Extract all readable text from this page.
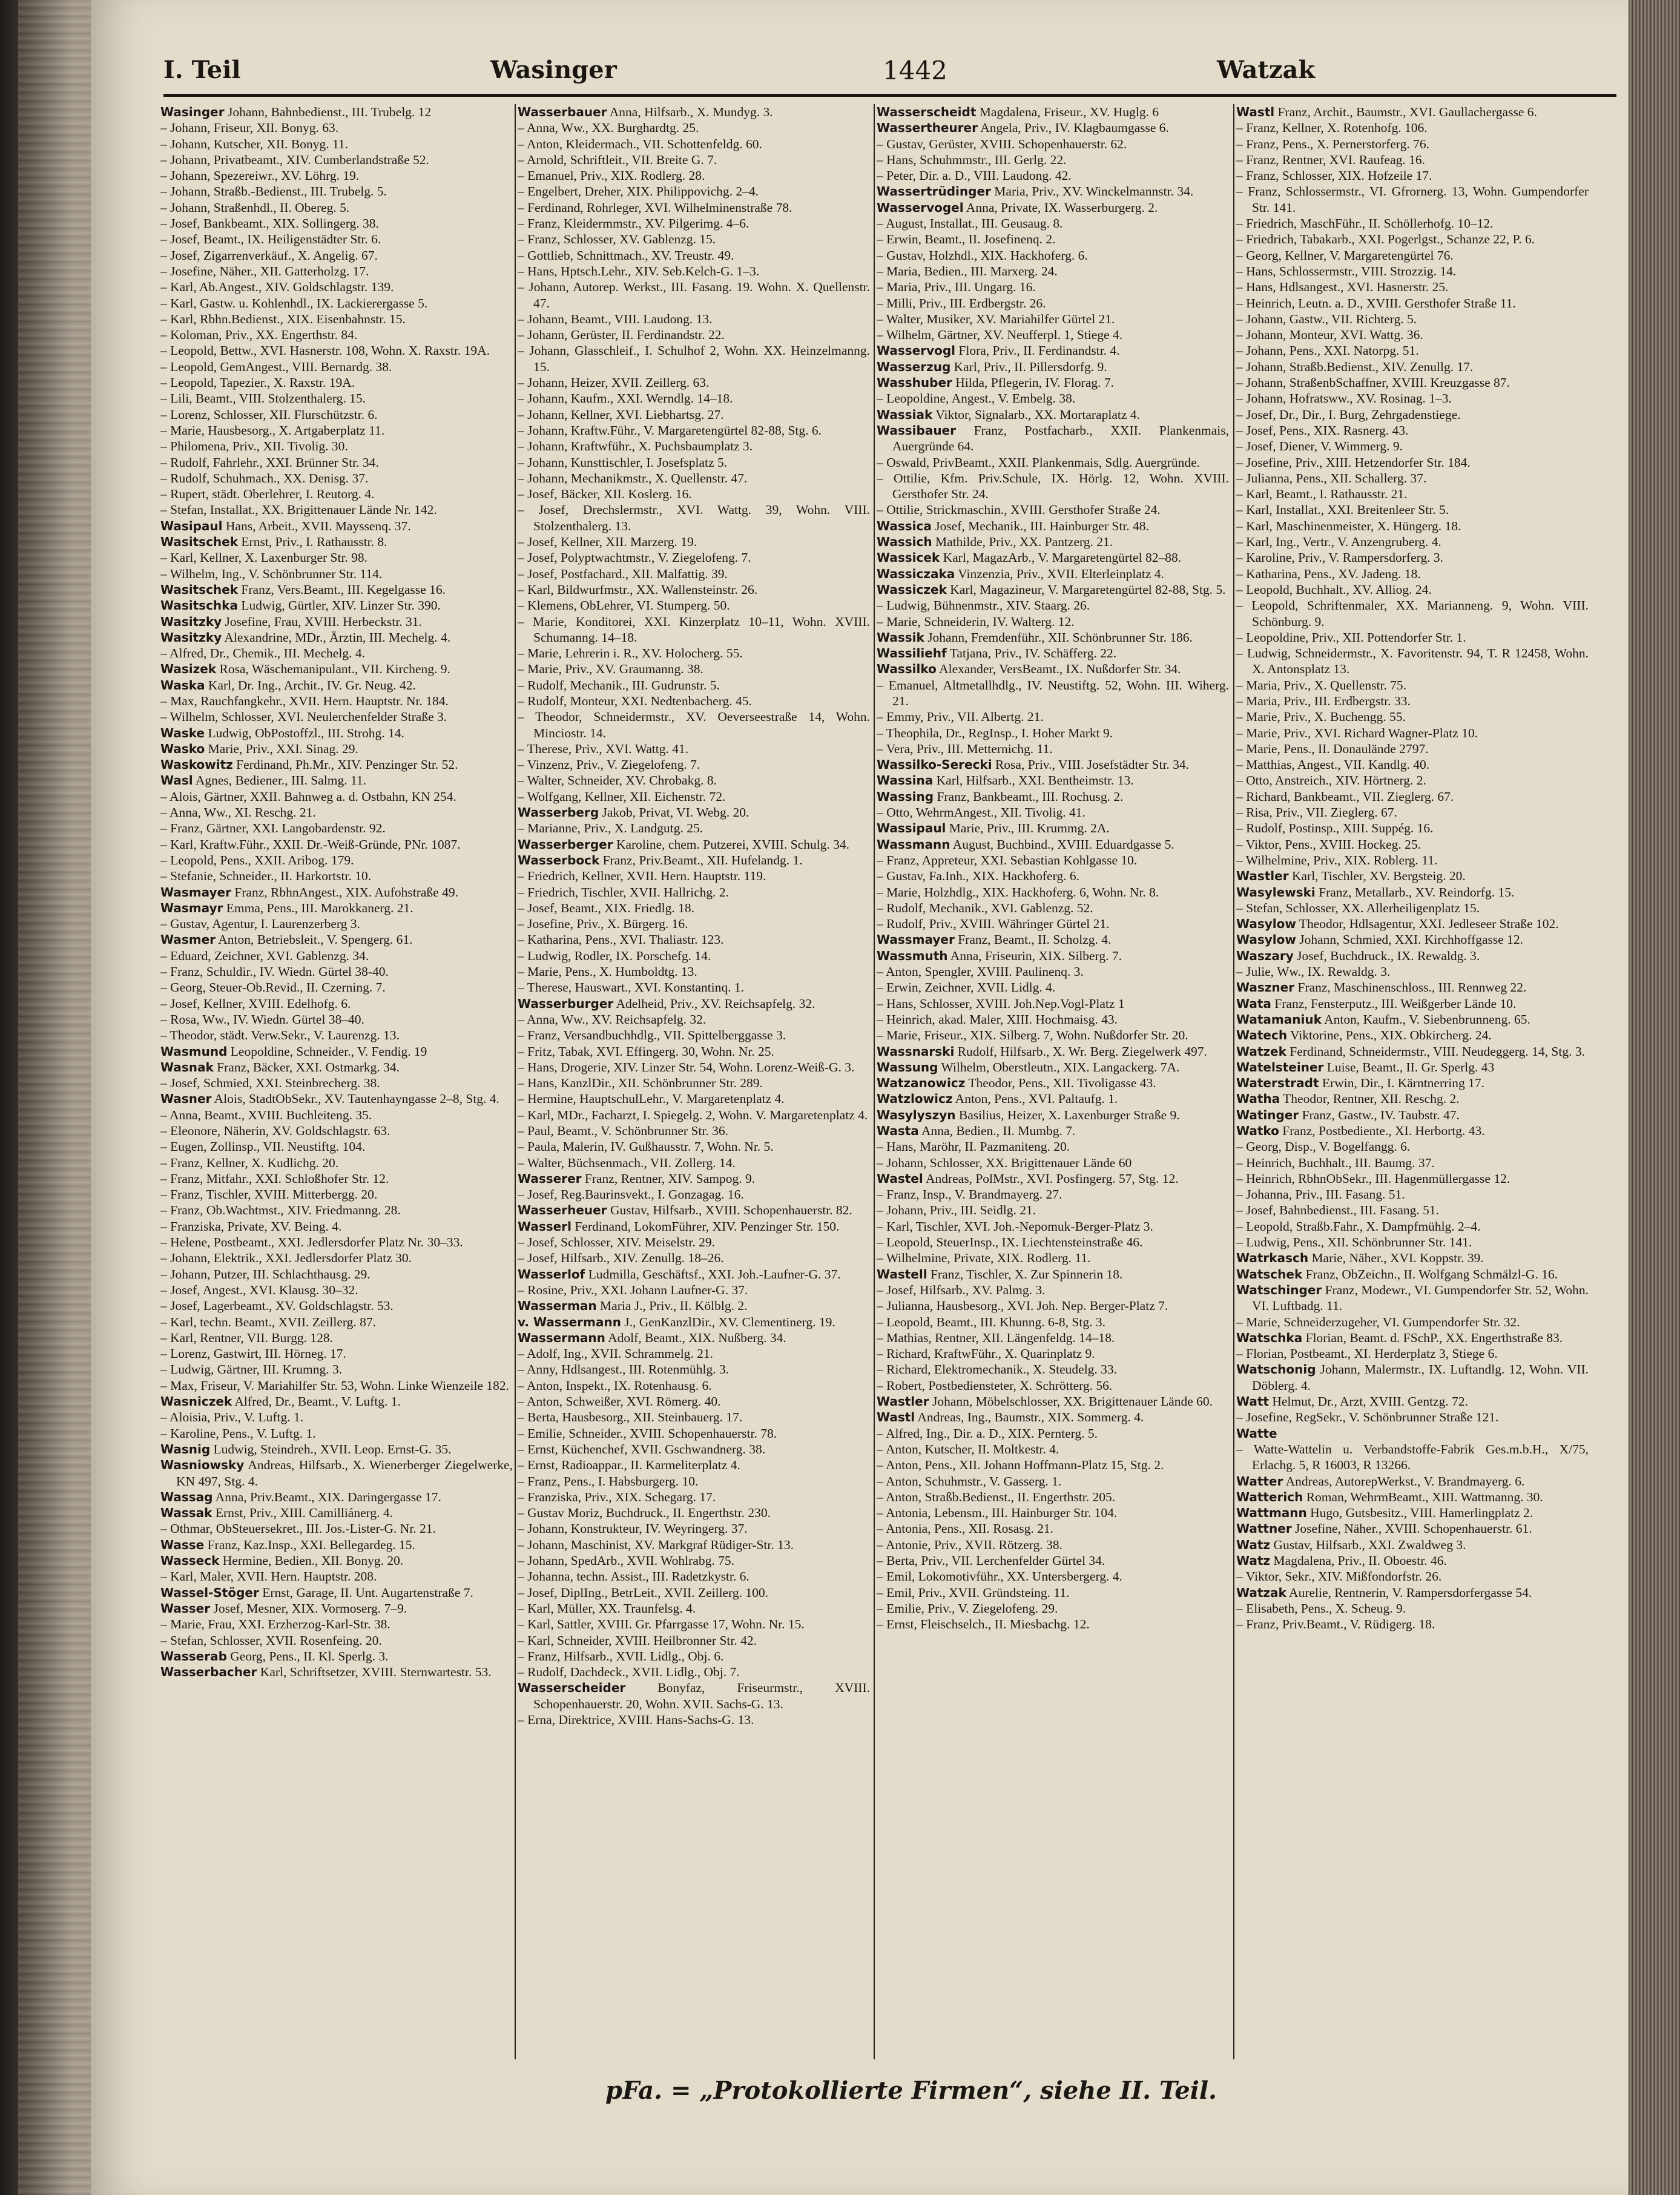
I. Teil	Wasinger	1442	Watzak

Wasinger Johann, Bahnbedienst., III. Trubelg. 12

– Johann, Friseur, XII. Bonyg. 63.

– Johann, Kutscher, XII. Bonyg. 11.

– Johann, Privatbeamt., XIV. Cumberlandstraße 52.

– Johann, Spezereiwr., XV. Löhrg. 19.

– Johann, Straßb.-Bedienst., III. Trubelg. 5.

– Johann, Straßenhdl., II. Obereg. 5.

– Josef, Bankbeamt., XIX. Sollingerg. 38.

– Josef, Beamt., IX. Heiligenstädter Str. 6.

– Josef, Zigarrenverkäuf., X. Angelig. 67.

– Josefine, Näher., XII. Gatterholzg. 17.

– Karl, Ab.Angest., XIV. Goldschlagstr. 139.

– Karl, Gastw. u. Kohlenhdl., IX. Lackierergasse 5.

– Karl, Rbhn.Bedienst., XIX. Eisenbahnstr. 15.

– Koloman, Priv., XX. Engerthstr. 84.

– Leopold, Bettw., XVI. Hasnerstr. 108, Wohn. X. Raxstr. 19A.

– Leopold, GemAngest., VIII. Bernardg. 38.

– Leopold, Tapezier., X. Raxstr. 19A.

– Lili, Beamt., VIII. Stolzenthalerg. 15.

– Lorenz, Schlosser, XII. Flurschützstr. 6.

– Marie, Hausbesorg., X. Artgaberplatz 11.

– Philomena, Priv., XII. Tivolig. 30.

– Rudolf, Fahrlehr., XXI. Brünner Str. 34.

– Rudolf, Schuhmach., XX. Denisg. 37.

– Rupert, städt. Oberlehrer, I. Reutorg. 4.

– Stefan, Installat., XX. Brigittenauer Lände Nr. 142.

Wasipaul Hans, Arbeit., XVII. Mayssenq. 37.

Wasitschek Ernst, Priv., I. Rathausstr. 8.

– Karl, Kellner, X. Laxenburger Str. 98.

– Wilhelm, Ing., V. Schönbrunner Str. 114.

Wasitschek Franz, Vers.Beamt., III. Kegelgasse 16.

Wasitschka Ludwig, Gürtler, XIV. Linzer Str. 390.

Wasitzky Josefine, Frau, XVIII. Herbeckstr. 31.

Wasitzky Alexandrine, MDr., Ärztin, III. Mechelg. 4.

– Alfred, Dr., Chemik., III. Mechelg. 4.

Wasizek Rosa, Wäschemanipulant., VII. Kircheng. 9.

Waska Karl, Dr. Ing., Archit., IV. Gr. Neug. 42.

– Max, Rauchfangkehr., XVII. Hern. Hauptstr. Nr. 184.

– Wilhelm, Schlosser, XVI. Neulerchenfelder Straße 3.

Waske Ludwig, ObPostoffzl., III. Strohg. 14.

Wasko Marie, Priv., XXI. Sinag. 29.

Waskowitz Ferdinand, Ph.Mr., XIV. Penzinger Str. 52.

Wasl Agnes, Bediener., III. Salmg. 11.

– Alois, Gärtner, XXII. Bahnweg a. d. Ostbahn, KN 254.

– Anna, Ww., XI. Reschg. 21.

– Franz, Gärtner, XXI. Langobardenstr. 92.

– Karl, Kraftw.Führ., XXII. Dr.-Weiß-Gründe, PNr. 1087.

– Leopold, Pens., XXII. Aribog. 179.

– Stefanie, Schneider., II. Harkortstr. 10.

Wasmayer Franz, RbhnAngest., XIX. Aufohstraße 49.

Wasmayr Emma, Pens., III. Marokkanerg. 21.

– Gustav, Agentur, I. Laurenzerberg 3.

Wasmer Anton, Betriebsleit., V. Spengerg. 61.

– Eduard, Zeichner, XVI. Gablenzg. 34.

– Franz, Schuldir., IV. Wiedn. Gürtel 38-40.

– Georg, Steuer-Ob.Revid., II. Czerning. 7.

– Josef, Kellner, XVIII. Edelhofg. 6.

– Rosa, Ww., IV. Wiedn. Gürtel 38–40.

– Theodor, städt. Verw.Sekr., V. Laurenzg. 13.

Wasmund Leopoldine, Schneider., V. Fendig. 19

Wasnak Franz, Bäcker, XXI. Ostmarkg. 34.

– Josef, Schmied, XXI. Steinbrecherg. 38.

Wasner Alois, StadtObSekr., XV. Tautenhayngasse 2–8, Stg. 4.

– Anna, Beamt., XVIII. Buchleiteng. 35.

– Eleonore, Näherin, XV. Goldschlagstr. 63.

– Eugen, Zollinsp., VII. Neustiftg. 104.

– Franz, Kellner, X. Kudlichg. 20.

– Franz, Mitfahr., XXI. Schloßhofer Str. 12.

– Franz, Tischler, XVIII. Mitterbergg. 20.

– Franz, Ob.Wachtmst., XIV. Friedmanng. 28.

– Franziska, Private, XV. Being. 4.

– Helene, Postbeamt., XXI. Jedlersdorfer Platz Nr. 30–33.

– Johann, Elektrik., XXI. Jedlersdorfer Platz 30.

– Johann, Putzer, III. Schlachthausg. 29.

– Josef, Angest., XVI. Klausg. 30–32.

– Josef, Lagerbeamt., XV. Goldschlagstr. 53.

– Karl, techn. Beamt., XVII. Zeillerg. 87.

– Karl, Rentner, VII. Burgg. 128.

– Lorenz, Gastwirt, III. Hörneg. 17.

– Ludwig, Gärtner, III. Krumng. 3.

– Max, Friseur, V. Mariahilfer Str. 53, Wohn. Linke Wienzeile 182.

Wasniczek Alfred, Dr., Beamt., V. Luftg. 1.

– Aloisia, Priv., V. Luftg. 1.

– Karoline, Pens., V. Luftg. 1.

Wasnig Ludwig, Steindreh., XVII. Leop. Ernst-G. 35.

Wasniowsky Andreas, Hilfsarb., X. Wienerberger Ziegelwerke, KN 497, Stg. 4.

Wassag Anna, Priv.Beamt., XIX. Daringergasse 17.

Wassak Ernst, Priv., XIII. Camilliánerg. 4.

– Othmar, ObSteuersekret., III. Jos.-Lister-G. Nr. 21.

Wasse Franz, Kaz.Insp., XXI. Bellegardeg. 15.

Wasseck Hermine, Bedien., XII. Bonyg. 20.

– Karl, Maler, XVII. Hern. Hauptstr. 208.

Wassel-Stöger Ernst, Garage, II. Unt. Augartenstraße 7.

Wasser Josef, Mesner, XIX. Vormoserg. 7–9.

– Marie, Frau, XXI. Erzherzog-Karl-Str. 38.

– Stefan, Schlosser, XVII. Rosenfeing. 20.

Wasserab Georg, Pens., II. Kl. Sperlg. 3.

Wasserbacher Karl, Schriftsetzer, XVIII. Sternwartestr. 53.

Wasserbauer Anna, Hilfsarb., X. Mundyg. 3.

– Anna, Ww., XX. Burghardtg. 25.

– Anton, Kleidermach., VII. Schottenfeldg. 60.

– Arnold, Schriftleit., VII. Breite G. 7.

– Emanuel, Priv., XIX. Rodlerg. 28.

– Engelbert, Dreher, XIX. Philippovichg. 2–4.

– Ferdinand, Rohrleger, XVI. Wilhelminenstraße 78.

– Franz, Kleidermmstr., XV. Pilgerimg. 4–6.

– Franz, Schlosser, XV. Gablenzg. 15.

– Gottlieb, Schnittmach., XV. Treustr. 49.

– Hans, Hptsch.Lehr., XIV. Seb.Kelch-G. 1–3.

– Johann, Autorep. Werkst., III. Fasang. 19. Wohn. X. Quellenstr. 47.

– Johann, Beamt., VIII. Laudong. 13.

– Johann, Gerüster, II. Ferdinandstr. 22.

– Johann, Glasschleif., I. Schulhof 2, Wohn. XX. Heinzelmanng. 15.

– Johann, Heizer, XVII. Zeillerg. 63.

– Johann, Kaufm., XXI. Werndlg. 14–18.

– Johann, Kellner, XVI. Liebhartsg. 27.

– Johann, Kraftw.Führ., V. Margaretengürtel 82-88, Stg. 6.

– Johann, Kraftwführ., X. Puchsbaumplatz 3.

– Johann, Kunsttischler, I. Josefsplatz 5.

– Johann, Mechanikmstr., X. Quellenstr. 47.

– Josef, Bäcker, XII. Koslerg. 16.

– Josef, Drechslermstr., XVI. Wattg. 39, Wohn. VIII. Stolzenthalerg. 13.

– Josef, Kellner, XII. Marzerg. 19.

– Josef, Polyptwachtmstr., V. Ziegelofeng. 7.

– Josef, Postfachard., XII. Malfattig. 39.

– Karl, Bildwurfmstr., XX. Wallensteinstr. 26.

– Klemens, ObLehrer, VI. Stumperg. 50.

– Marie, Konditorei, XXI. Kinzerplatz 10–11, Wohn. XVIII. Schumanng. 14–18.

– Marie, Lehrerin i. R., XV. Holocherg. 55.

– Marie, Priv., XV. Graumanng. 38.

– Rudolf, Mechanik., III. Gudrunstr. 5.

– Rudolf, Monteur, XXI. Nedtenbacherg. 45.

– Theodor, Schneidermstr., XV. Oeverseestraße 14, Wohn. Minciostr. 14.

– Therese, Priv., XVI. Wattg. 41.

– Vinzenz, Priv., V. Ziegelofeng. 7.

– Walter, Schneider, XV. Chrobakg. 8.

– Wolfgang, Kellner, XII. Eichenstr. 72.

Wasserberg Jakob, Privat, VI. Webg. 20.

– Marianne, Priv., X. Landgutg. 25.

Wasserberger Karoline, chem. Putzerei, XVIII. Schulg. 34.

Wasserbock Franz, Priv.Beamt., XII. Hufelandg. 1.

– Friedrich, Kellner, XVII. Hern. Hauptstr. 119.

– Friedrich, Tischler, XVII. Hallrichg. 2.

– Josef, Beamt., XIX. Friedlg. 18.

– Josefine, Priv., X. Bürgerg. 16.

– Katharina, Pens., XVI. Thaliastr. 123.

– Ludwig, Rodler, IX. Porschefg. 14.

– Marie, Pens., X. Humboldtg. 13.

– Therese, Hauswart., XVI. Konstantinq. 1.

Wasserburger Adelheid, Priv., XV. Reichsapfelg. 32.

– Anna, Ww., XV. Reichsapfelg. 32.

– Franz, Versandbuchhdlg., VII. Spittelberggasse 3.

– Fritz, Tabak, XVI. Effingerg. 30, Wohn. Nr. 25.

– Hans, Drogerie, XIV. Linzer Str. 54, Wohn. Lorenz-Weiß-G. 3.

– Hans, KanzlDir., XII. Schönbrunner Str. 289.

– Hermine, HauptschulLehr., V. Margaretenplatz 4.

– Karl, MDr., Facharzt, I. Spiegelg. 2, Wohn. V. Margaretenplatz 4.

– Paul, Beamt., V. Schönbrunner Str. 36.

– Paula, Malerin, IV. Gußhausstr. 7, Wohn. Nr. 5.

– Walter, Büchsenmach., VII. Zollerg. 14.

Wasserer Franz, Rentner, XIV. Sampog. 9.

– Josef, Reg.Baurinsvekt., I. Gonzagag. 16.

Wasserheuer Gustav, Hilfsarb., XVIII. Schopenhauerstr. 82.

Wasserl Ferdinand, LokomFührer, XIV. Penzinger Str. 150.

– Josef, Schlosser, XIV. Meiselstr. 29.

– Josef, Hilfsarb., XIV. Zenullg. 18–26.

Wasserlof Ludmilla, Geschäftsf., XXI. Joh.-Laufner-G. 37.

– Rosine, Priv., XXI. Johann Laufner-G. 37.

Wasserman Maria J., Priv., II. Kölblg. 2.

v. Wassermann J., GenKanzlDir., XV. Clementinerg. 19.

Wassermann Adolf, Beamt., XIX. Nußberg. 34.

– Adolf, Ing., XVII. Schrammelg. 21.

– Anny, Hdlsangest., III. Rotenmühlg. 3.

– Anton, Inspekt., IX. Rotenhausg. 6.

– Anton, Schweißer, XVI. Römerg. 40.

– Berta, Hausbesorg., XII. Steinbauerg. 17.

– Emilie, Schneider., XVIII. Schopenhauerstr. 78.

– Ernst, Küchenchef, XVII. Gschwandnerg. 38.

– Ernst, Radioappar., II. Karmeliterplatz 4.

– Franz, Pens., I. Habsburgerg. 10.

– Franziska, Priv., XIX. Schegarg. 17.

– Gustav Moriz, Buchdruck., II. Engerthstr. 230.

– Johann, Konstrukteur, IV. Weyringerg. 37.

– Johann, Maschinist, XV. Markgraf Rüdiger-Str. 13.

– Johann, SpedArb., XVII. Wohlrabg. 75.

– Johanna, techn. Assist., III. Radetzkystr. 6.

– Josef, DiplIng., BetrLeit., XVII. Zeillerg. 100.

– Karl, Müller, XX. Traunfelsg. 4.

– Karl, Sattler, XVIII. Gr. Pfarrgasse 17, Wohn. Nr. 15.

– Karl, Schneider, XVIII. Heilbronner Str. 42.

– Franz, Hilfsarb., XVII. Lidlg., Obj. 6.

– Rudolf, Dachdeck., XVII. Lidlg., Obj. 7.

Wasserscheider Bonyfaz, Friseurmstr., XVIII. Schopenhauerstr. 20, Wohn. XVII. Sachs-G. 13.

– Erna, Direktrice, XVIII. Hans-Sachs-G. 13.

Wasserscheidt Magdalena, Friseur., XV. Huglg. 6

Wassertheurer Angela, Priv., IV. Klagbaumgasse 6.

– Gustav, Gerüster, XVIII. Schopenhauerstr. 62.

– Hans, Schuhmmstr., III. Gerlg. 22.

– Peter, Dir. a. D., VIII. Laudong. 42.

Wassertrüdinger Maria, Priv., XV. Winckelmannstr. 34.

Wasservogel Anna, Private, IX. Wasserburgerg. 2.

– August, Installat., III. Geusaug. 8.

– Erwin, Beamt., II. Josefinenq. 2.

– Gustav, Holzhdl., XIX. Hackhoferg. 6.

– Maria, Bedien., III. Marxerg. 24.

– Maria, Priv., III. Ungarg. 16.

– Milli, Priv., III. Erdbergstr. 26.

– Walter, Musiker, XV. Mariahilfer Gürtel 21.

– Wilhelm, Gärtner, XV. Neufferpl. 1, Stiege 4.

Wasservogl Flora, Priv., II. Ferdinandstr. 4.

Wasserzug Karl, Priv., II. Pillersdorfg. 9.

Wasshuber Hilda, Pflegerin, IV. Florag. 7.

– Leopoldine, Angest., V. Embelg. 38.

Wassiak Viktor, Signalarb., XX. Mortaraplatz 4.

Wassibauer Franz, Postfacharb., XXII. Plankenmais, Auergründe 64.

– Oswald, PrivBeamt., XXII. Plankenmais, Sdlg. Auergründe.

– Ottilie, Kfm. Priv.Schule, IX. Hörlg. 12, Wohn. XVIII. Gersthofer Str. 24.

– Ottilie, Strickmaschin., XVIII. Gersthofer Straße 24.

Wassica Josef, Mechanik., III. Hainburger Str. 48.

Wassich Mathilde, Priv., XX. Pantzerg. 21.

Wassicek Karl, MagazArb., V. Margaretengürtel 82–88.

Wassiczaka Vinzenzia, Priv., XVII. Elterleinplatz 4.

Wassiczek Karl, Magazineur, V. Margaretengürtel 82-88, Stg. 5.

– Ludwig, Bühnenmstr., XIV. Staarg. 26.

– Marie, Schneiderin, IV. Walterg. 12.

Wassik Johann, Fremdenführ., XII. Schönbrunner Str. 186.

Wassiliehf Tatjana, Priv., IV. Schäfferg. 22.

Wassilko Alexander, VersBeamt., IX. Nußdorfer Str. 34.

– Emanuel, Altmetallhdlg., IV. Neustiftg. 52, Wohn. III. Wiherg. 21.

– Emmy, Priv., VII. Albertg. 21.

– Theophila, Dr., RegInsp., I. Hoher Markt 9.

– Vera, Priv., III. Metternichg. 11.

Wassilko-Serecki Rosa, Priv., VIII. Josefstädter Str. 34.

Wassina Karl, Hilfsarb., XXI. Bentheimstr. 13.

Wassing Franz, Bankbeamt., III. Rochusg. 2.

– Otto, WehrmAngest., XII. Tivolig. 41.

Wassipaul Marie, Priv., III. Krummg. 2A.

Wassmann August, Buchbind., XVIII. Eduardgasse 5.

– Franz, Appreteur, XXI. Sebastian Kohlgasse 10.

– Gustav, Fa.Inh., XIX. Hackhoferg. 6.

– Marie, Holzhdlg., XIX. Hackhoferg. 6, Wohn. Nr. 8.

– Rudolf, Mechanik., XVI. Gablenzg. 52.

– Rudolf, Priv., XVIII. Währinger Gürtel 21.

Wassmayer Franz, Beamt., II. Scholzg. 4.

Wassmuth Anna, Friseurin, XIX. Silberg. 7.

– Anton, Spengler, XVIII. Paulinenq. 3.

– Erwin, Zeichner, XVII. Lidlg. 4.

– Hans, Schlosser, XVIII. Joh.Nep.Vogl-Platz 1

– Heinrich, akad. Maler, XIII. Hochmaisg. 43.

– Marie, Friseur., XIX. Silberg. 7, Wohn. Nußdorfer Str. 20.

Wassnarski Rudolf, Hilfsarb., X. Wr. Berg. Ziegelwerk 497.

Wassung Wilhelm, Oberstleutn., XIX. Langackerg. 7A.

Watzanowicz Theodor, Pens., XII. Tivoligasse 43.

Watzlowicz Anton, Pens., XVI. Paltaufg. 1.

Wasylyszyn Basilius, Heizer, X. Laxenburger Straße 9.

Wasta Anna, Bedien., II. Mumbg. 7.

– Hans, Maröhr, II. Pazmaniteng. 20.

– Johann, Schlosser, XX. Brigittenauer Lände 60

Wastel Andreas, PolMstr., XVI. Posfingerg. 57, Stg. 12.

– Franz, Insp., V. Brandmayerg. 27.

– Johann, Priv., III. Seidlg. 21.

– Karl, Tischler, XVI. Joh.-Nepomuk-Berger-Platz 3.

– Leopold, SteuerInsp., IX. Liechtensteinstraße 46.

– Wilhelmine, Private, XIX. Rodlerg. 11.

Wastell Franz, Tischler, X. Zur Spinnerin 18.

– Josef, Hilfsarb., XV. Palmg. 3.

– Julianna, Hausbesorg., XVI. Joh. Nep. Berger-Platz 7.

– Leopold, Beamt., III. Khunng. 6-8, Stg. 3.

– Mathias, Rentner, XII. Längenfeldg. 14–18.

– Richard, KraftwFühr., X. Quarinplatz 9.

– Richard, Elektromechanik., X. Steudelg. 33.

– Robert, Postbediensteter, X. Schrötterg. 56.

Wastler Johann, Möbelschlosser, XX. Brigittenauer Lände 60.

Wastl Andreas, Ing., Baumstr., XIX. Sommerg. 4.

– Alfred, Ing., Dir. a. D., XIX. Pernterg. 5.

– Anton, Kutscher, II. Moltkestr. 4.

– Anton, Pens., XII. Johann Hoffmann-Platz 15, Stg. 2.

– Anton, Schuhmstr., V. Gasserg. 1.

– Anton, Straßb.Bedienst., II. Engerthstr. 205.

– Antonia, Lebensm., III. Hainburger Str. 104.

– Antonia, Pens., XII. Rosasg. 21.

– Antonie, Priv., XVII. Rötzerg. 38.

– Berta, Priv., VII. Lerchenfelder Gürtel 34.

– Emil, Lokomotivführ., XX. Untersbergerg. 4.

– Emil, Priv., XVII. Gründsteing. 11.

– Emilie, Priv., V. Ziegelofeng. 29.

– Ernst, Fleischselch., II. Miesbachg. 12.

Wastl Franz, Archit., Baumstr., XVI. Gaullachergasse 6.

– Franz, Kellner, X. Rotenhofg. 106.

– Franz, Pens., X. Pernerstorferg. 76.

– Franz, Rentner, XVI. Raufeag. 16.

– Franz, Schlosser, XIX. Hofzeile 17.

– Franz, Schlossermstr., VI. Gfrornerg. 13, Wohn. Gumpendorfer Str. 141.

– Friedrich, MaschFühr., II. Schöllerhofg. 10–12.

– Friedrich, Tabakarb., XXI. Pogerlgst., Schanze 22, P. 6.

– Georg, Kellner, V. Margaretengürtel 76.

– Hans, Schlossermstr., VIII. Strozzig. 14.

– Hans, Hdlsangest., XVI. Hasnerstr. 25.

– Heinrich, Leutn. a. D., XVIII. Gersthofer Straße 11.

– Johann, Gastw., VII. Richterg. 5.

– Johann, Monteur, XVI. Wattg. 36.

– Johann, Pens., XXI. Natorpg. 51.

– Johann, Straßb.Bedienst., XIV. Zenullg. 17.

– Johann, StraßenbSchaffner, XVIII. Kreuzgasse 87.

– Johann, Hofratsww., XV. Rosinag. 1–3.

– Josef, Dr., Dir., I. Burg, Zehrgadenstiege.

– Josef, Pens., XIX. Rasnerg. 43.

– Josef, Diener, V. Wimmerg. 9.

– Josefine, Priv., XIII. Hetzendorfer Str. 184.

– Julianna, Pens., XII. Schallerg. 37.

– Karl, Beamt., I. Rathausstr. 21.

– Karl, Installat., XXI. Breitenleer Str. 5.

– Karl, Maschinenmeister, X. Hüngerg. 18.

– Karl, Ing., Vertr., V. Anzengruberg. 4.

– Karoline, Priv., V. Rampersdorferg. 3.

– Katharina, Pens., XV. Jadeng. 18.

– Leopold, Buchhalt., XV. Alliog. 24.

– Leopold, Schriftenmaler, XX. Marianneng. 9, Wohn. VIII. Schönburg. 9.

– Leopoldine, Priv., XII. Pottendorfer Str. 1.

– Ludwig, Schneidermstr., X. Favoritenstr. 94, T. R 12458, Wohn. X. Antonsplatz 13.

– Maria, Priv., X. Quellenstr. 75.

– Maria, Priv., III. Erdbergstr. 33.

– Marie, Priv., X. Buchengg. 55.

– Marie, Priv., XVI. Richard Wagner-Platz 10.

– Marie, Pens., II. Donaulände 2797.

– Matthias, Angest., VII. Kandlg. 40.

– Otto, Anstreich., XIV. Hörtnerg. 2.

– Richard, Bankbeamt., VII. Zieglerg. 67.

– Risa, Priv., VII. Zieglerg. 67.

– Rudolf, Postinsp., XIII. Suppég. 16.

– Viktor, Pens., XVIII. Hockeg. 25.

– Wilhelmine, Priv., XIX. Roblerg. 11.

Wastler Karl, Tischler, XV. Bergsteig. 20.

Wasylewski Franz, Metallarb., XV. Reindorfg. 15.

– Stefan, Schlosser, XX. Allerheiligenplatz 15.

Wasylow Theodor, Hdlsagentur, XXI. Jedleseer Straße 102.

Wasylow Johann, Schmied, XXI. Kirchhoffgasse 12.

Waszary Josef, Buchdruck., IX. Rewaldg. 3.

– Julie, Ww., IX. Rewaldg. 3.

Waszner Franz, Maschinenschloss., III. Rennweg 22.

Wata Franz, Fensterputz., III. Weißgerber Lände 10.

Watamaniuk Anton, Kaufm., V. Siebenbrunneng. 65.

Watech Viktorine, Pens., XIX. Obkircherg. 24.

Watzek Ferdinand, Schneidermstr., VIII. Neudeggerg. 14, Stg. 3.

Watelsteiner Luise, Beamt., II. Gr. Sperlg. 43

Waterstradt Erwin, Dir., I. Kärntnerring 17.

Watha Theodor, Rentner, XII. Reschg. 2.

Watinger Franz, Gastw., IV. Taubstr. 47.

Watko Franz, Postbediente., XI. Herbortg. 43.

– Georg, Disp., V. Bogelfangg. 6.

– Heinrich, Buchhalt., III. Baumg. 37.

– Heinrich, RbhnObSekr., III. Hagenmüllergasse 12.

– Johanna, Priv., III. Fasang. 51.

– Josef, Bahnbedienst., III. Fasang. 51.

– Leopold, Straßb.Fahr., X. Dampfmühlg. 2–4.

– Ludwig, Pens., XII. Schönbrunner Str. 141.

Watrkasch Marie, Näher., XVI. Koppstr. 39.

Watschek Franz, ObZeichn., II. Wolfgang Schmälzl-G. 16.

Watschinger Franz, Modewr., VI. Gumpendorfer Str. 52, Wohn. VI. Luftbadg. 11.

– Marie, Schneiderzugeher, VI. Gumpendorfer Str. 32.

Watschka Florian, Beamt. d. FSchP., XX. Engerthstraße 83.

– Florian, Postbeamt., XI. Herderplatz 3, Stiege 6.

Watschonig Johann, Malermstr., IX. Luftandlg. 12, Wohn. VII. Döblerg. 4.

Watt Helmut, Dr., Arzt, XVIII. Gentzg. 72.

– Josefine, RegSekr., V. Schönbrunner Straße 121.

Watte

– Watte-Wattelin u. Verbandstoffe-Fabrik Ges.m.b.H., X/75, Erlachg. 5, R 16003, R 13266.

Watter Andreas, AutorepWerkst., V. Brandmayerg. 6.

Watterich Roman, WehrmBeamt., XIII. Wattmanng. 30.

Wattmann Hugo, Gutsbesitz., VIII. Hamerlingplatz 2.

Wattner Josefine, Näher., XVIII. Schopenhauerstr. 61.

Watz Gustav, Hilfsarb., XXI. Zwaldweg 3.

Watz Magdalena, Priv., II. Oboestr. 46.

– Viktor, Sekr., XIV. Mißfondorfstr. 26.

Watzak Aurelie, Rentnerin, V. Rampersdorfergasse 54.

– Elisabeth, Pens., X. Scheug. 9.

– Franz, Priv.Beamt., V. Rüdigerg. 18.

pFa. = „Protokollierte Firmen“, siehe II. Teil.
